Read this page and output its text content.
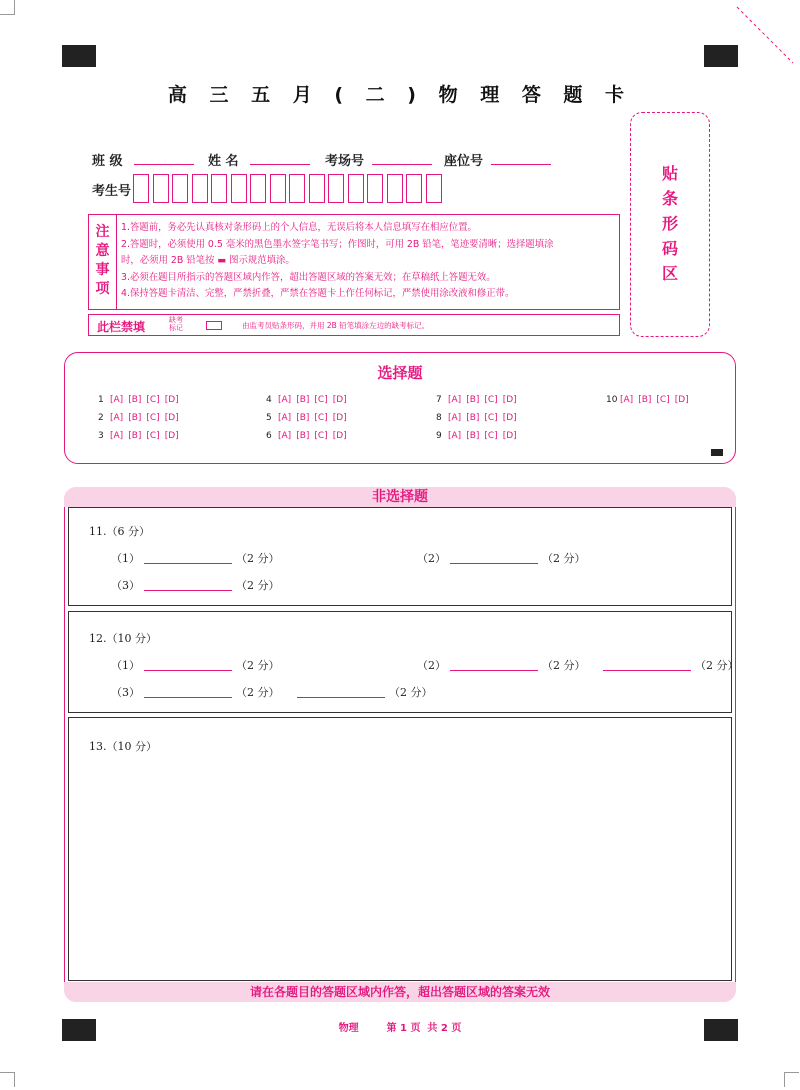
高 三 五 月 ( 二 ) 物 理 答 题 卡
班 级	姓 名	考场号	座位号
考生号
贴
条
形
码
区
注
意
事
项
1.答题前，务必先认真核对条形码上的个人信息，无误后将本人信息填写在相应位置。
2.答题时，必须使用 0.5 毫米的黑色墨水签字笔书写；作图时，可用 2B 铅笔，笔迹要清晰；选择题填涂
时，必须用 2B 铅笔按 ▬ 图示规范填涂。
3.必须在题目所指示的答题区域内作答，超出答题区域的答案无效；在草稿纸上答题无效。
4.保持答题卡清洁、完整，严禁折叠，严禁在答题卡上作任何标记，严禁使用涂改液和修正带。
此栏禁填	缺考标记	由监考员贴条形码，并用 2B 铅笔填涂左边的缺考标记。
选择题
1 [A] [B] [C] [D]
2 [A] [B] [C] [D]
3 [A] [B] [C] [D]
4 [A] [B] [C] [D]
5 [A] [B] [C] [D]
6 [A] [B] [C] [D]
7 [A] [B] [C] [D]
8 [A] [B] [C] [D]
9 [A] [B] [C] [D]
10 [A] [B] [C] [D]
非选择题
11.（6 分）
（1）	（2 分）	（2）	（2 分）
（3）	（2 分）
12.（10 分）
（1）	（2 分）	（2）	（2 分）	（2 分）
（3）	（2 分）	（2 分）
13.（10 分）
请在各题目的答题区域内作答，超出答题区域的答案无效
物理        第 1 页  共 2 页
